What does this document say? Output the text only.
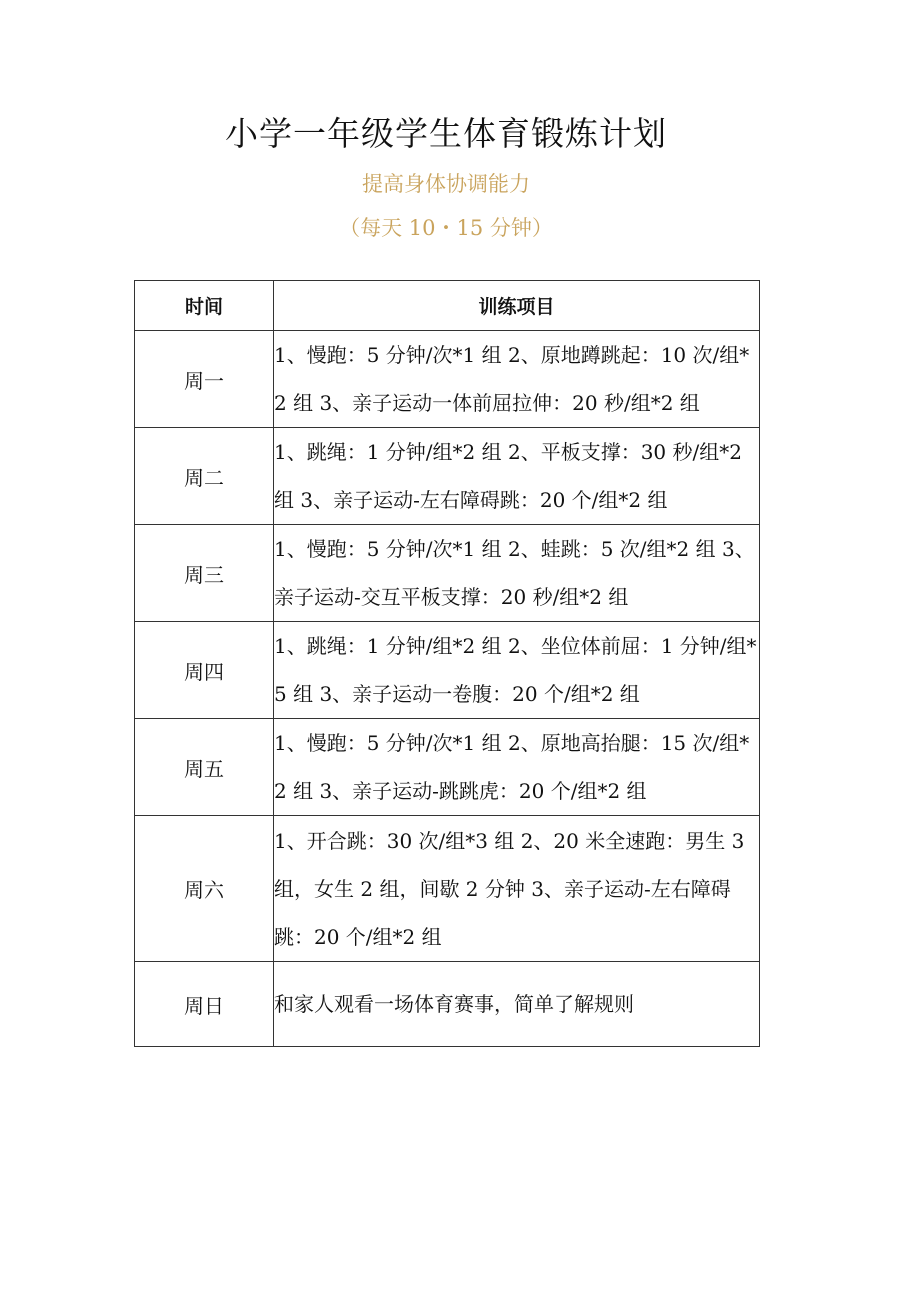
小学一年级学生体育锻炼计划
提高身体协调能力
（每天 10・15 分钟）
时间	训练项目
周一	1、慢跑：5 分钟/次*1 组 2、原地蹲跳起：10 次/组*2 组 3、亲子运动一体前屈拉伸：20 秒/组*2 组
周二	1、跳绳：1 分钟/组*2 组 2、平板支撑：30 秒/组*2 组 3、亲子运动-左右障碍跳：20 个/组*2 组
周三	1、慢跑：5 分钟/次*1 组 2、蛙跳：5 次/组*2 组 3、亲子运动-交互平板支撑：20 秒/组*2 组
周四	1、跳绳：1 分钟/组*2 组 2、坐位体前屈：1 分钟/组*5 组 3、亲子运动一卷腹：20 个/组*2 组
周五	1、慢跑：5 分钟/次*1 组 2、原地高抬腿：15 次/组*2 组 3、亲子运动-跳跳虎：20 个/组*2 组
周六	1、开合跳：30 次/组*3 组 2、20 米全速跑：男生 3 组，女生 2 组，间歇 2 分钟 3、亲子运动-左右障碍跳：20 个/组*2 组
周日	和家人观看一场体育赛事，简单了解规则
